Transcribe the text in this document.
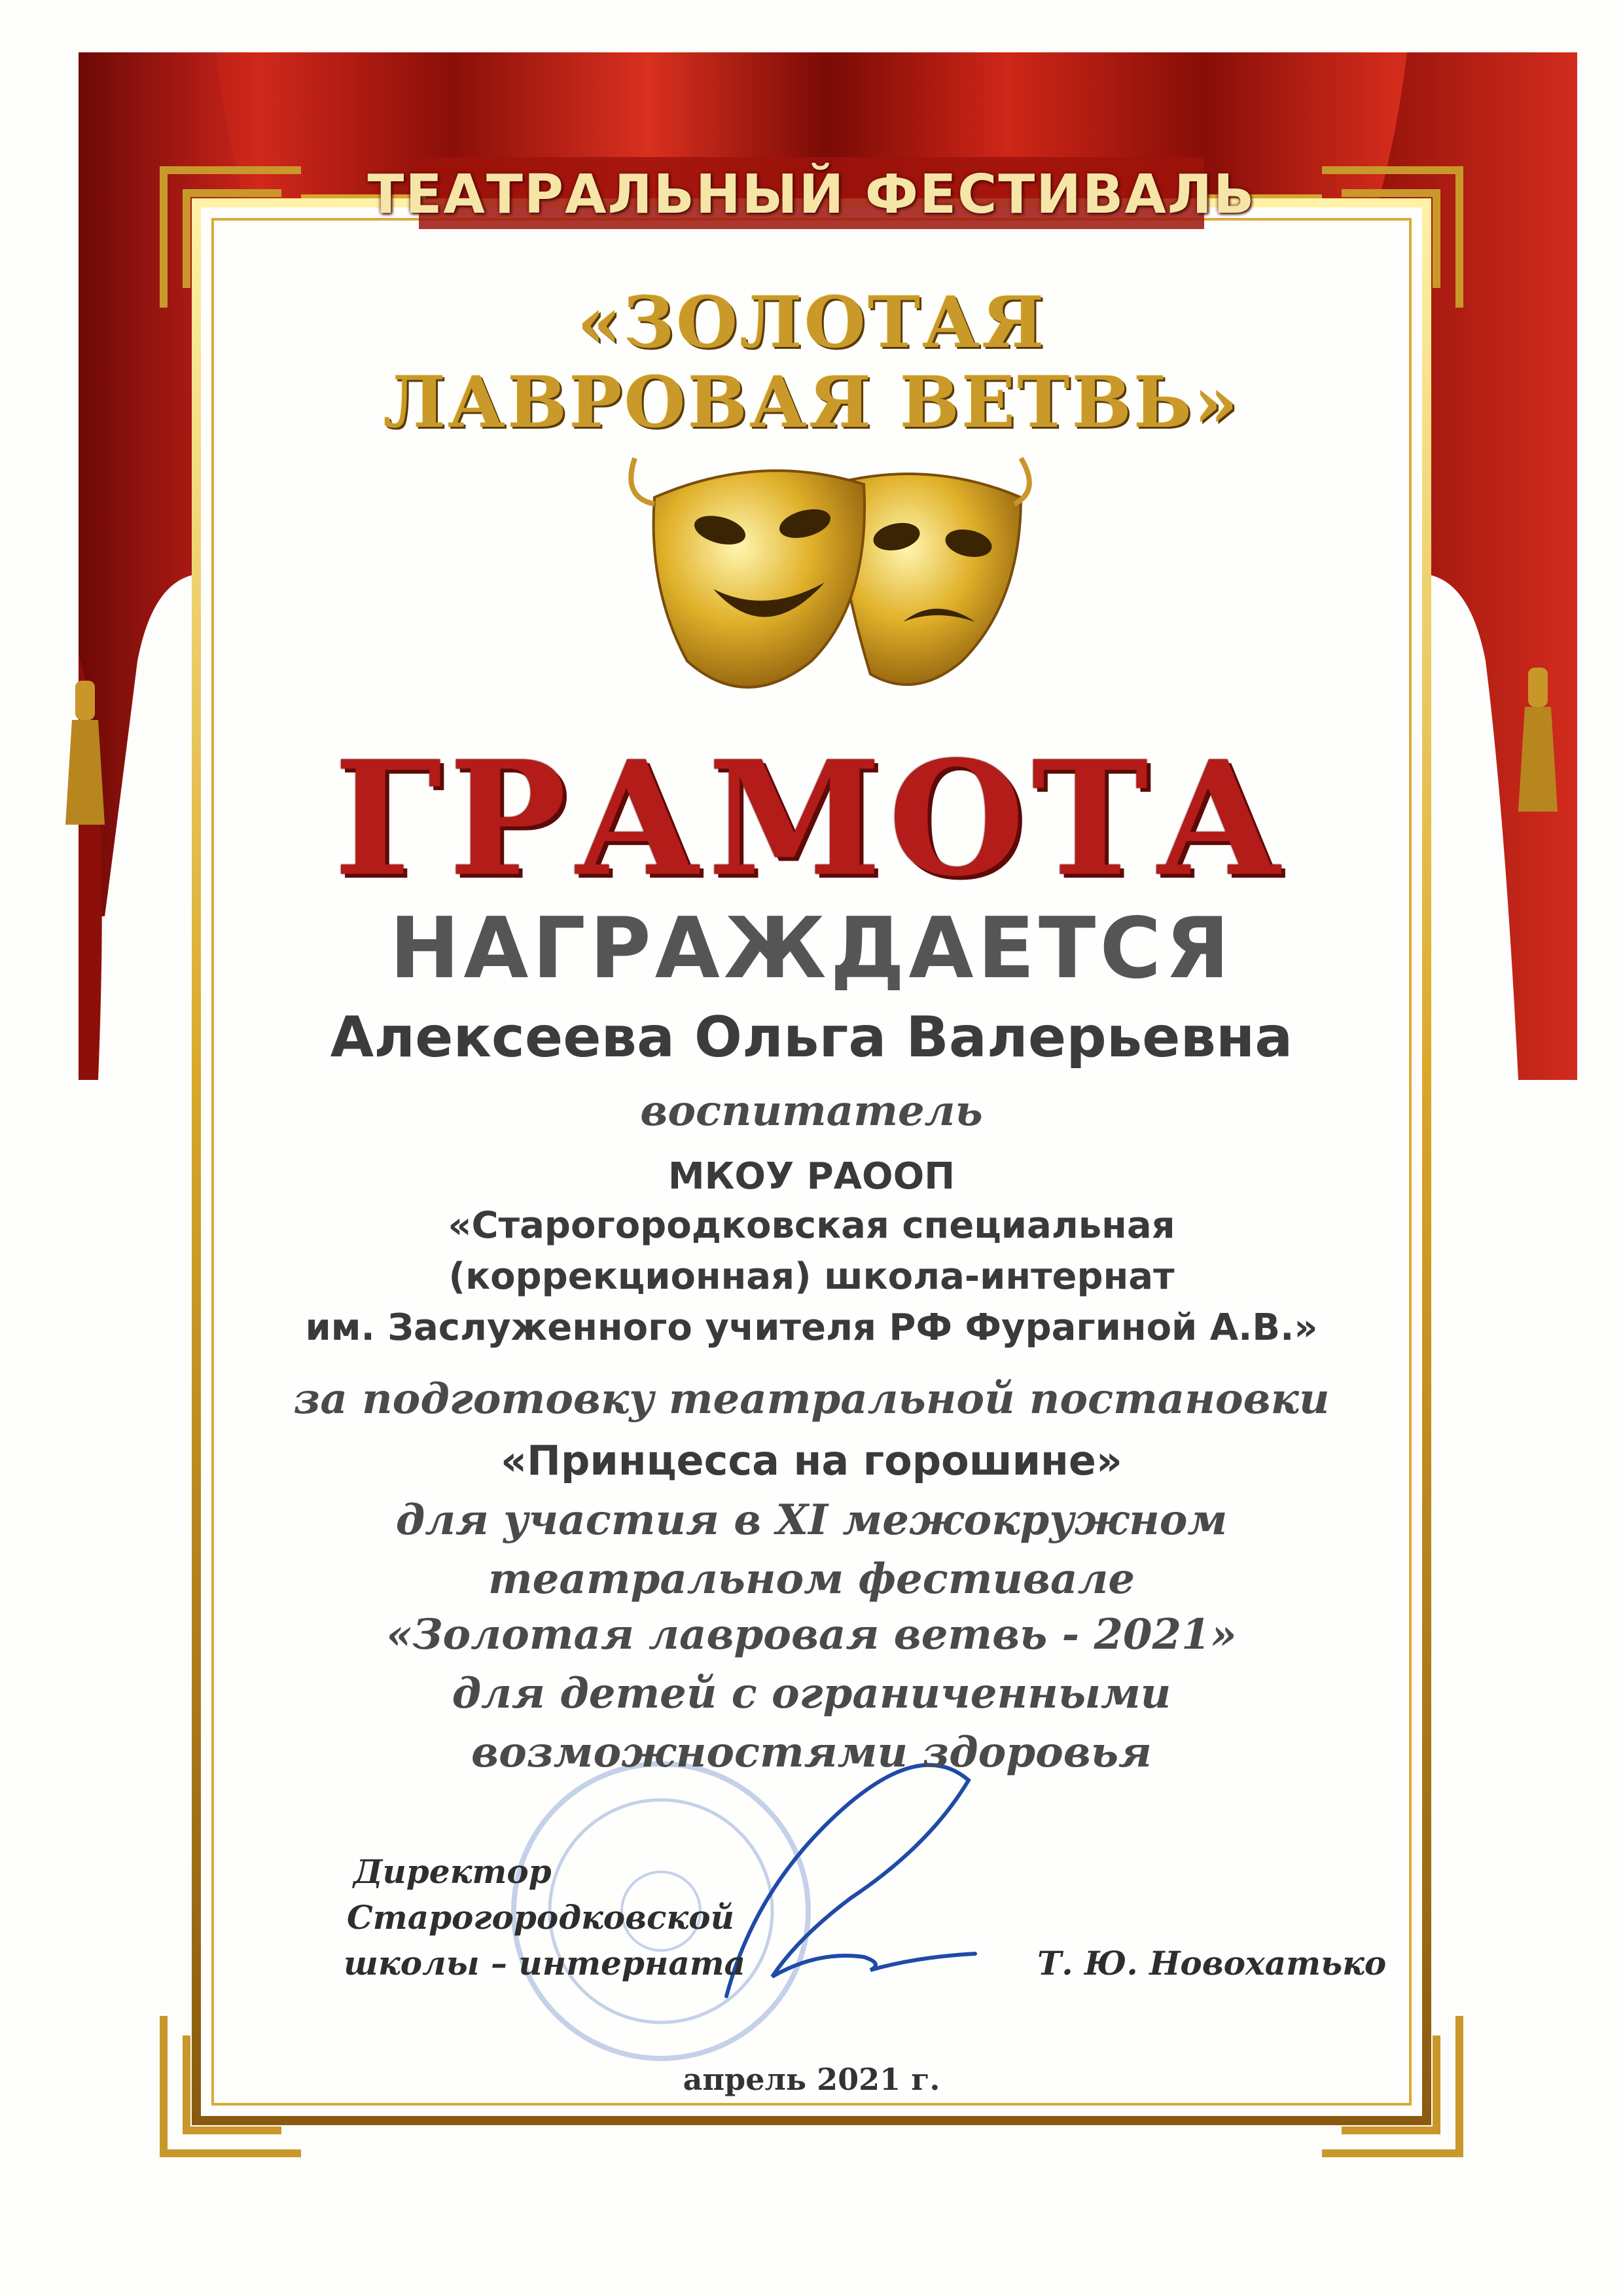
ТЕАТРАЛЬНЫЙ ФЕСТИВАЛЬ
«ЗОЛОТАЯ
ЛАВРОВАЯ ВЕТВЬ»
ГРАМОТА
НАГРАЖДАЕТСЯ
Алексеева Ольга Валерьевна
воспитатель
МКОУ РАООП
«Старогородковская специальная
(коррекционная) школа-интернат
им. Заслуженного учителя РФ Фурагиной А.В.»
за подготовку театральной постановки
«Принцесса на горошине»
для участия в XI межокружном
театральном фестивале
«Золотая лавровая ветвь - 2021»
для детей с ограниченными
возможностями здоровья
Директор
Старогородковской
школы – интерната	Т. Ю. Новохатько
апрель 2021 г.
